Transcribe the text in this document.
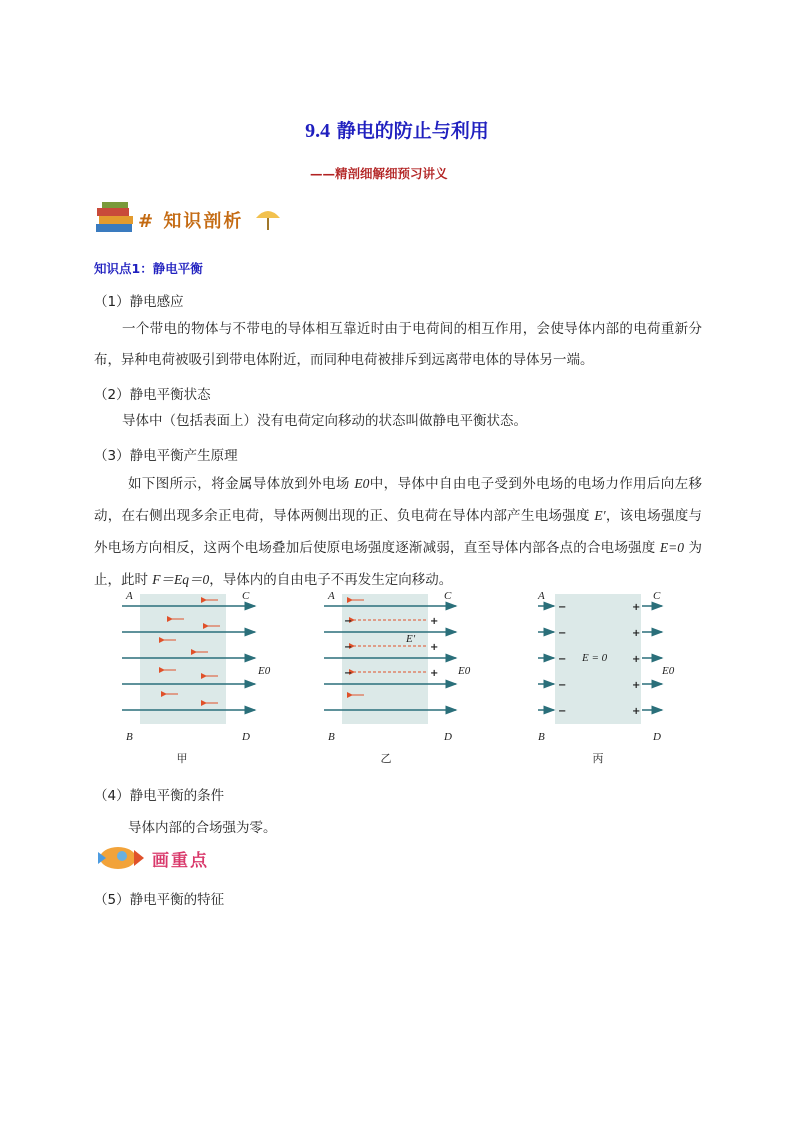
9.4 静电的防止与利用
——精剖细解细预习讲义
# 知识剖析
知识点1：静电平衡
（1）静电感应
一个带电的物体与不带电的导体相互靠近时由于电荷间的相互作用，会使导体内部的电荷重新分布，异种电荷被吸引到带电体附近，而同种电荷被排斥到远离带电体的导体另一端。
（2）静电平衡状态
导体中（包括表面上）没有电荷定向移动的状态叫做静电平衡状态。
（3）静电平衡产生原理
如下图所示，将金属导体放到外电场 E0中，导体中自由电子受到外电场的电场力作用后向左移动，在右侧出现多余正电荷，导体两侧出现的正、负电荷在导体内部产生电场强度 E′，该电场强度与外电场方向相反，这两个电场叠加后使原电场强度逐渐减弱，直至导体内部各点的合电场强度 E=0 为止，此时 F＝Eq＝0，导体内的自由电子不再发生定向移动。
A	C
B	D
E0
甲
−
−
−
+
+
+
A	C
B	D
E0
E′
乙
−
−
−
−
−
+
+
+
+
+
A	C
B	D
E0
E = 0
丙
（4）静电平衡的条件
导体内部的合场强为零。
画重点
（5）静电平衡的特征
